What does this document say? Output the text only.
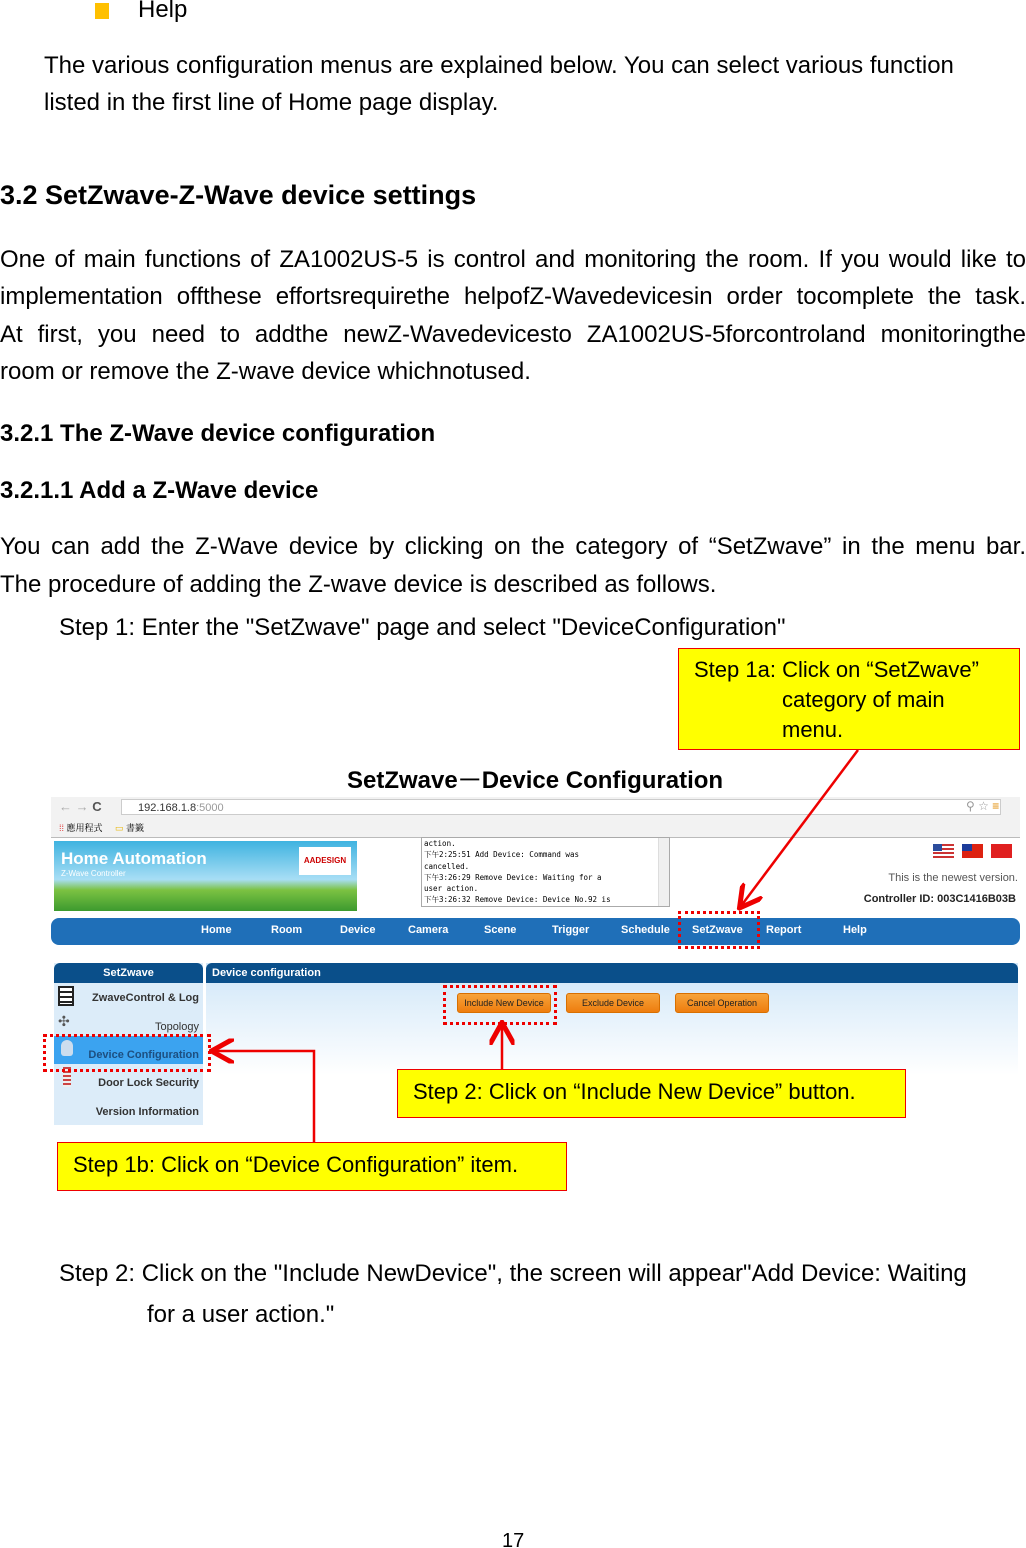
Help
The various configuration menus are explained below. You can select various function
listed in the first line of Home page display.
3.2 SetZwave-Z-Wave device settings
One of main functions of ZA1002US-5 is control and monitoring the room. If you would like to
implementation offthese effortsrequirethe helpofZ-Wavedevicesin order tocomplete the task.
At first, you need to addthe newZ-Wavedevicesto ZA1002US-5forcontroland monitoringthe
room or remove the Z-wave device whichnotused.
3.2.1 The Z-Wave device configuration
3.2.1.1 Add a Z-Wave device
You can add the Z-Wave device by clicking on the category of “SetZwave” in the menu bar.
The procedure of adding the Z-wave device is described as follows.
Step 1: Enter the "SetZwave" page and select "DeviceConfiguration"
Step 1a: Click on “SetZwave”
category of main
menu.
SetZwave－Device Configuration
← → C	192.168.1.8:5000	⚲ ☆ ≡
⁞⁞ 應用程式 ▭ 書籤
Home Automation
Z-Wave Controller
AADESIGN
action.
下午2:25:51 Add Device: Command was
cancelled.
下午3:26:29 Remove Device: Waiting for a
user action.
下午3:26:32 Remove Device: Device No.92 is
This is the newest version.
Controller ID: 003C1416B03B
Home	Room	Device	Camera	Scene	Trigger	Schedule SetZwave Report	Help
SetZwave
ZwaveControl & Log
✣	Topology
Device Configuration
Door Lock Security
Version Information
Device configuration
Include New Device	Exclude Device	Cancel Operation
Step 2: Click on “Include New Device” button.
Step 1b: Click on “Device Configuration” item.
Step 2: Click on the "Include NewDevice", the screen will appear"Add Device: Waiting
for a user action."
17
